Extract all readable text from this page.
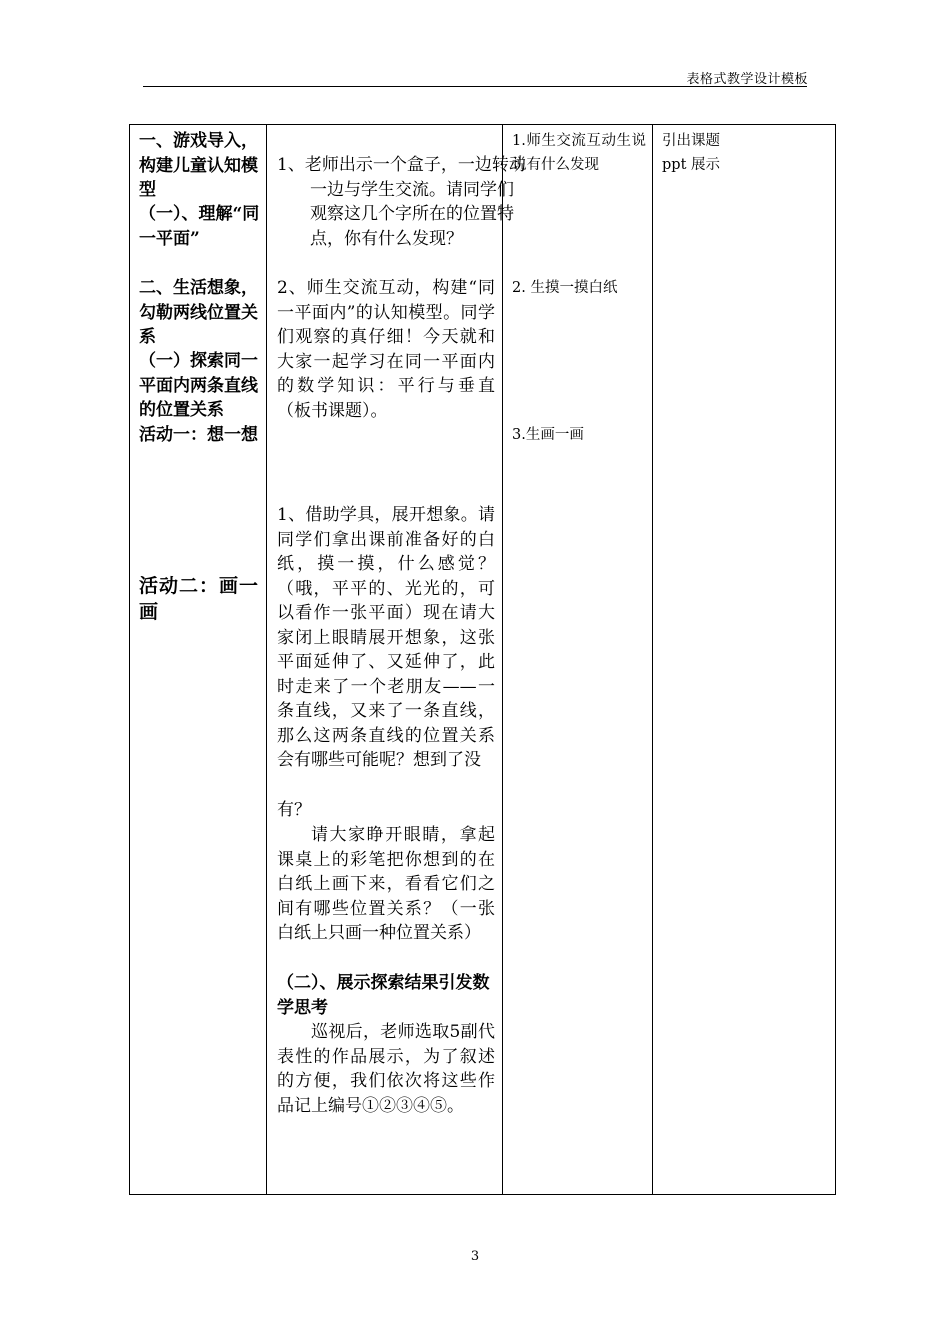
表格式教学设计模板
一、游戏导入，构建儿童认知模型
（一）、理解“同一平面”
二、生活想象，勾勒两线位置关系
（一）探索同一平面内两条直线的位置关系
活动一：想一想
活动二：画一画
1、老师出示一个盒子，一边转动一边与学生交流。请同学们观察这几个字所在的位置特点，你有什么发现？
2、师生交流互动，构建“同一平面内”的认知模型。同学们观察的真仔细！今天就和大家一起学习在同一平面内的数学知识：平行与垂直（板书课题）。
1、借助学具，展开想象。请同学们拿出课前准备好的白纸，摸一摸，什么感觉？（哦，平平的、光光的，可以看作一张平面）现在请大家闭上眼睛展开想象，这张平面延伸了、又延伸了，此时走来了一个老朋友——一条直线，又来了一条直线，那么这两条直线的位置关系会有哪些可能呢？想到了没
有？
请大家睁开眼睛，拿起课桌上的彩笔把你想到的在白纸上画下来，看看它们之间有哪些位置关系？（一张白纸上只画一种位置关系）
（二）、展示探索结果引发数学思考
巡视后，老师选取5副代表性的作品展示，为了叙述的方便，我们依次将这些作品记上编号①②③④⑤。
1.师生交流互动生说说有什么发现
2. 生摸一摸白纸
3.生画一画
引出课题
ppt 展示
3
